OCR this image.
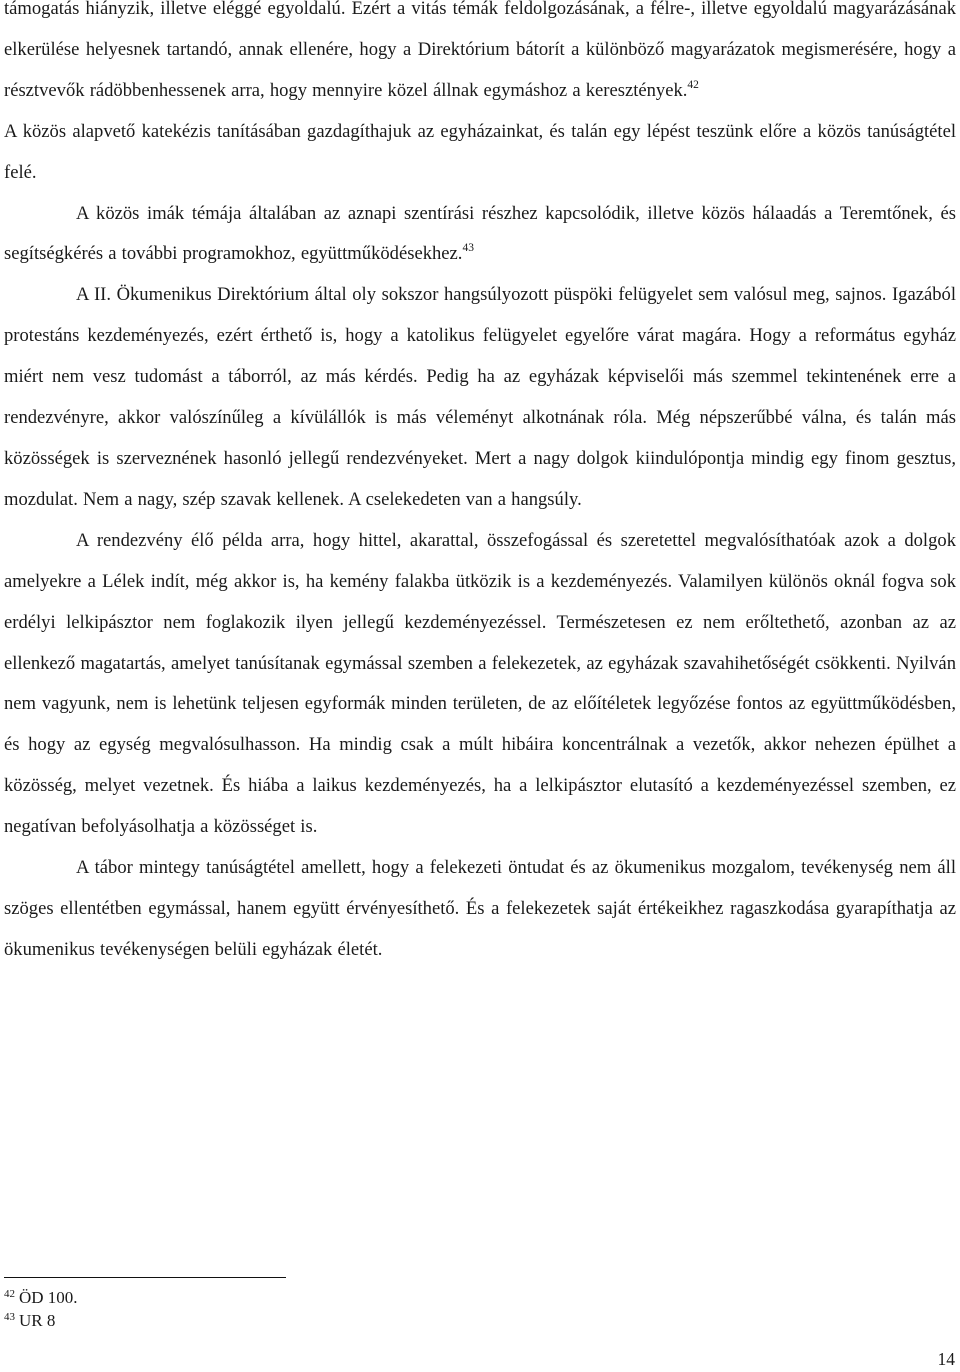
támogatás hiányzik, illetve eléggé egyoldalú. Ezért a vitás témák feldolgozásának, a félre-, illetve egyoldalú magyarázásának elkerülése helyesnek tartandó, annak ellenére, hogy a Direktórium bátorít a különböző magyarázatok megismerésére, hogy a résztvevők rádöbbenhessenek arra, hogy mennyire közel állnak egymáshoz a keresztények.$^{42}$

A közös alapvető katekézis tanításában gazdagíthajuk az egyházainkat, és talán egy lépést teszünk előre a közös tanúságtétel felé.

A közös imák témája általában az aznapi szentírási részhez kapcsolódik, illetve közös hálaadás a Teremtőnek, és segítségkérés a további programokhoz, együttműködésekhez.$^{43}$

A II. Ökumenikus Direktórium által oly sokszor hangsúlyozott püspöki felügyelet sem valósul meg, sajnos. Igazából protestáns kezdeményezés, ezért érthető is, hogy a katolikus felügyelet egyelőre várat magára. Hogy a református egyház miért nem vesz tudomást a táborról, az más kérdés. Pedig ha az egyházak képviselői más szemmel tekintenének erre a rendezvényre, akkor valószínűleg a kívülállók is más véleményt alkotnának róla. Még népszerűbbé válna, és talán más közösségek is szerveznének hasonló jellegű rendezvényeket. Mert a nagy dolgok kiindulópontja mindig egy finom gesztus, mozdulat. Nem a nagy, szép szavak kellenek. A cselekedeten van a hangsúly.

A rendezvény élő példa arra, hogy hittel, akarattal, összefogással és szeretettel megvalósíthatóak azok a dolgok amelyekre a Lélek indít, még akkor is, ha kemény falakba ütközik is a kezdeményezés. Valamilyen különös oknál fogva sok erdélyi lelkipásztor nem foglakozik ilyen jellegű kezdeményezéssel. Természetesen ez nem erőltethető, azonban az az ellenkező magatartás, amelyet tanúsítanak egymással szemben a felekezetek, az egyházak szavahihetőségét csökkenti. Nyilván nem vagyunk, nem is lehetünk teljesen egyformák minden területen, de az előítéletek legyőzése fontos az együttműködésben, és hogy az egység megvalósulhasson. Ha mindig csak a múlt hibáira koncentrálnak a vezetők, akkor nehezen épülhet a közösség, melyet vezetnek. És hiába a laikus kezdeményezés, ha a lelkipásztor elutasító a kezdeményezéssel szemben, ez negatívan befolyásolhatja a közösséget is.

A tábor mintegy tanúságtétel amellett, hogy a felekezeti öntudat és az ökumenikus mozgalom, tevékenység nem áll szöges ellentétben egymással, hanem együtt érvényesíthető. És a felekezetek saját értékeikhez ragaszkodása gyarapíthatja az ökumenikus tevékenységen belüli egyházak életét.

$^{42}$ ÖD 100.
$^{43}$ UR 8
14
